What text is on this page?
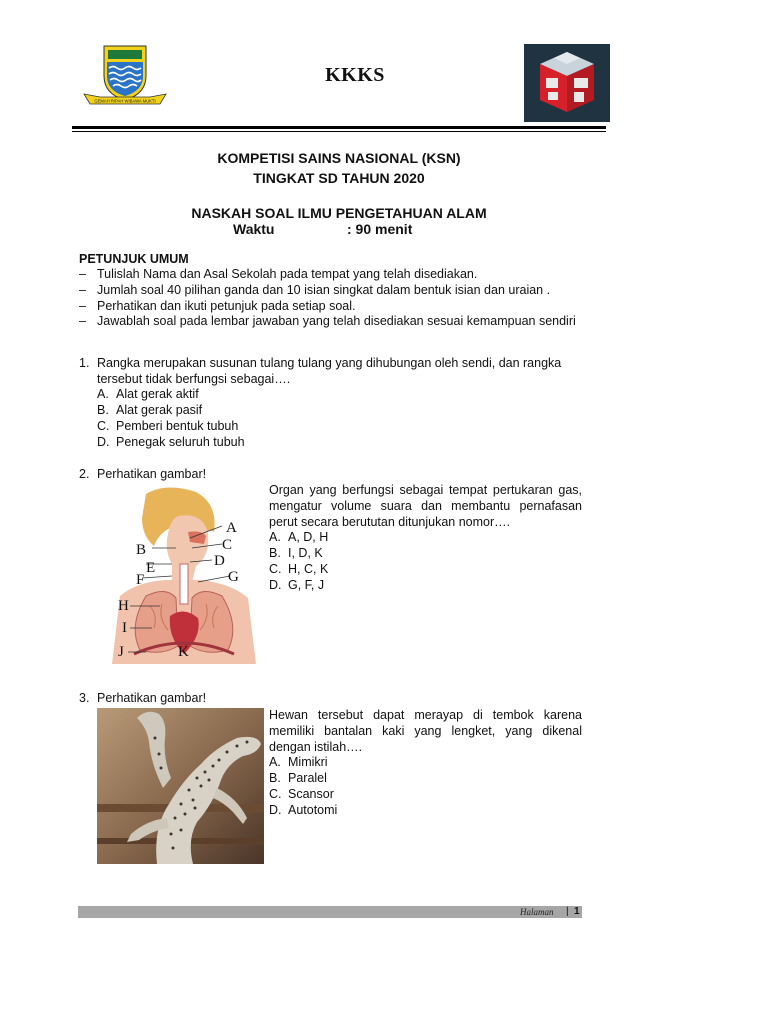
GEMAH RIPAH WIBAWA MUKTI
KKKS
KOMPETISI SAINS NASIONAL (KSN)
TINGKAT SD TAHUN 2020
NASKAH SOAL ILMU PENGETAHUAN ALAM
Waktu	: 90 menit
PETUNJUK UMUM
– Tulislah Nama dan Asal Sekolah pada tempat yang telah disediakan.
– Jumlah soal 40 pilihan ganda dan 10 isian singkat dalam bentuk isian dan uraian .
– Perhatikan dan ikuti petunjuk pada setiap soal.
– Jawablah soal pada lembar jawaban yang telah disediakan sesuai kemampuan sendiri
1. Rangka merupakan susunan tulang tulang yang dihubungan oleh sendi, dan rangka tersebut tidak berfungsi sebagai….
A. Alat gerak aktif
B. Alat gerak pasif
C. Pemberi bentuk tubuh
D. Penegak seluruh tubuh
2. Perhatikan gambar!
A
B	C
D
E
F	G
H
I
J	K
Organ yang berfungsi sebagai tempat pertukaran gas, mengatur volume suara dan membantu pernafasan perut secara berututan ditunjukan nomor….
A. A, D, H
B. I, D, K
C. H, C, K
D. G, F, J
3. Perhatikan gambar!
Hewan tersebut dapat merayap di tembok karena memiliki bantalan kaki yang lengket, yang dikenal dengan istilah….
A. Mimikri
B. Paralel
C. Scansor
D. Autotomi
Halaman | 1
